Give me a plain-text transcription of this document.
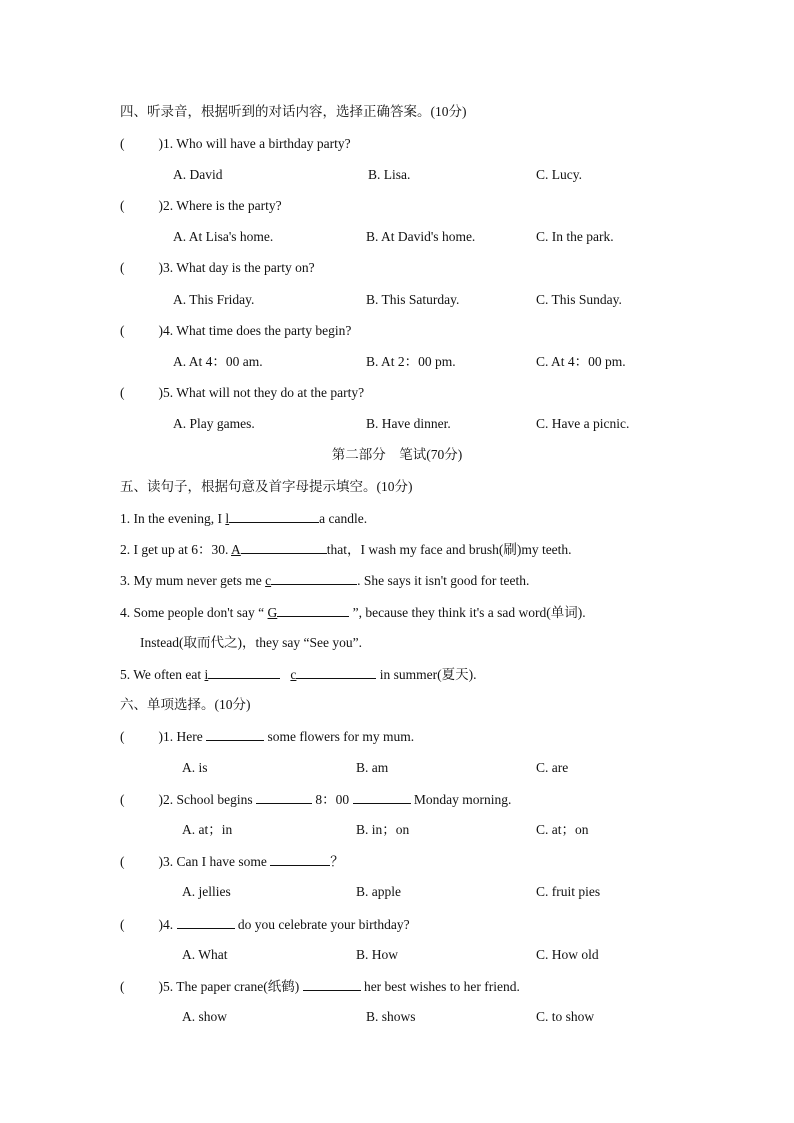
四、听录音，根据听到的对话内容，选择正确答案。(10分)
(	)1. Who will have a birthday party?
A. David	B. Lisa.	C. Lucy.
(	)2. Where is the party?
A. At Lisa's home.	B. At David's home.	C. In the park.
(	)3. What day is the party on?
A. This Friday.	B. This Saturday.	C. This Sunday.
(	)4. What time does the party begin?
A. At 4：00 am.	B. At 2：00 pm.	C. At 4：00 pm.
(	)5. What will not they do at the party?
A. Play games.	B. Have dinner.	C. Have a picnic.
第二部分　笔试(70分)
五、读句子，根据句意及首字母提示填空。(10分)
1. In the evening, I l	a candle.
2. I get up at 6：30. A	that，I wash my face and brush(刷)my teeth.
3. My mum never gets me c	. She says it isn't good for teeth.
4. Some people don't say “ G	”, because they think it's a sad word(单词).
Instead(取而代之)，they say “See you”.
5. We often eat i	c	in summer(夏天).
六、单项选择。(10分)
(	)1. Here	some flowers for my mum.
A. is	B. am	C. are
(	)2. School begins	8：00	Monday morning.
A. at；in	B. in；on	C. at；on
(	)3. Can I have some	？
A. jellies	B. apple	C. fruit pies
(	)4.	do you celebrate your birthday?
A. What	B. How	C. How old
(	)5. The paper crane(纸鹤)	her best wishes to her friend.
A. show	B. shows	C. to show
